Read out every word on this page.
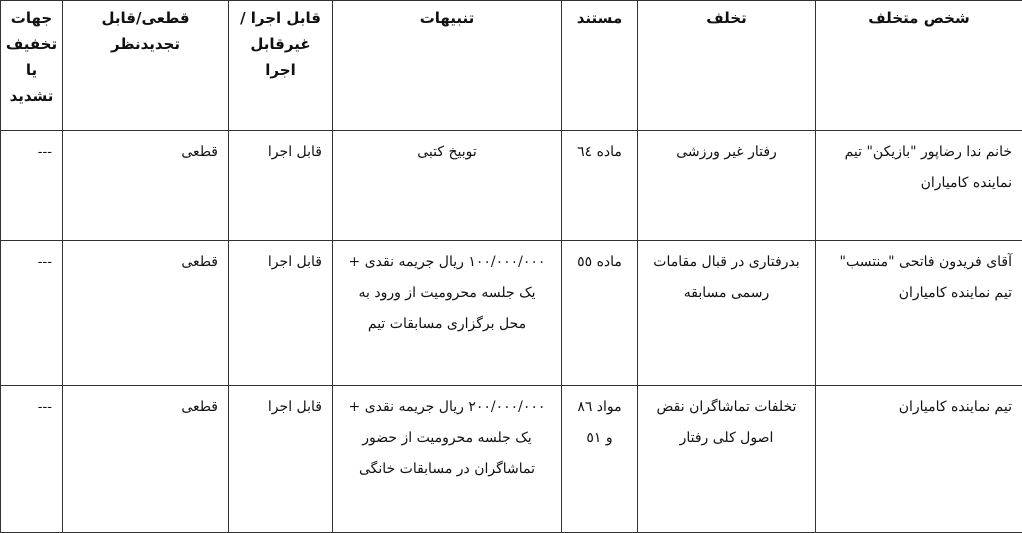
شخص متخلف	تخلف	مستند	تنبیهات	قابل اجرا /غیرقابل اجرا	قطعی/قابل تجدیدنظر	جهات تخفیف یا تشدید
خانم ندا رضاپور "بازیکن" تیم نماینده کامیاران	رفتار غیر ورزشی	ماده ٦٤	توبیخ کتبی	قابل اجرا	قطعی	---
آقای فریدون فاتحی "منتسب" تیم نماینده کامیاران	بدرفتاری در قبال مقامات رسمی مسابقه	ماده ٥٥	١٠٠/٠٠٠/٠٠٠ ریال جریمه نقدی + یک جلسه محرومیت از ورود به محل برگزاری مسابقات تیم	قابل اجرا	قطعی	---
تیم نماینده کامیاران	تخلفات تماشاگران نقض اصول کلی رفتار	مواد ٨٦ و ٥١	٢٠٠/٠٠٠/٠٠٠ ریال جریمه نقدی + یک جلسه محرومیت از حضور تماشاگران در مسابقات خانگی	قابل اجرا	قطعی	---
